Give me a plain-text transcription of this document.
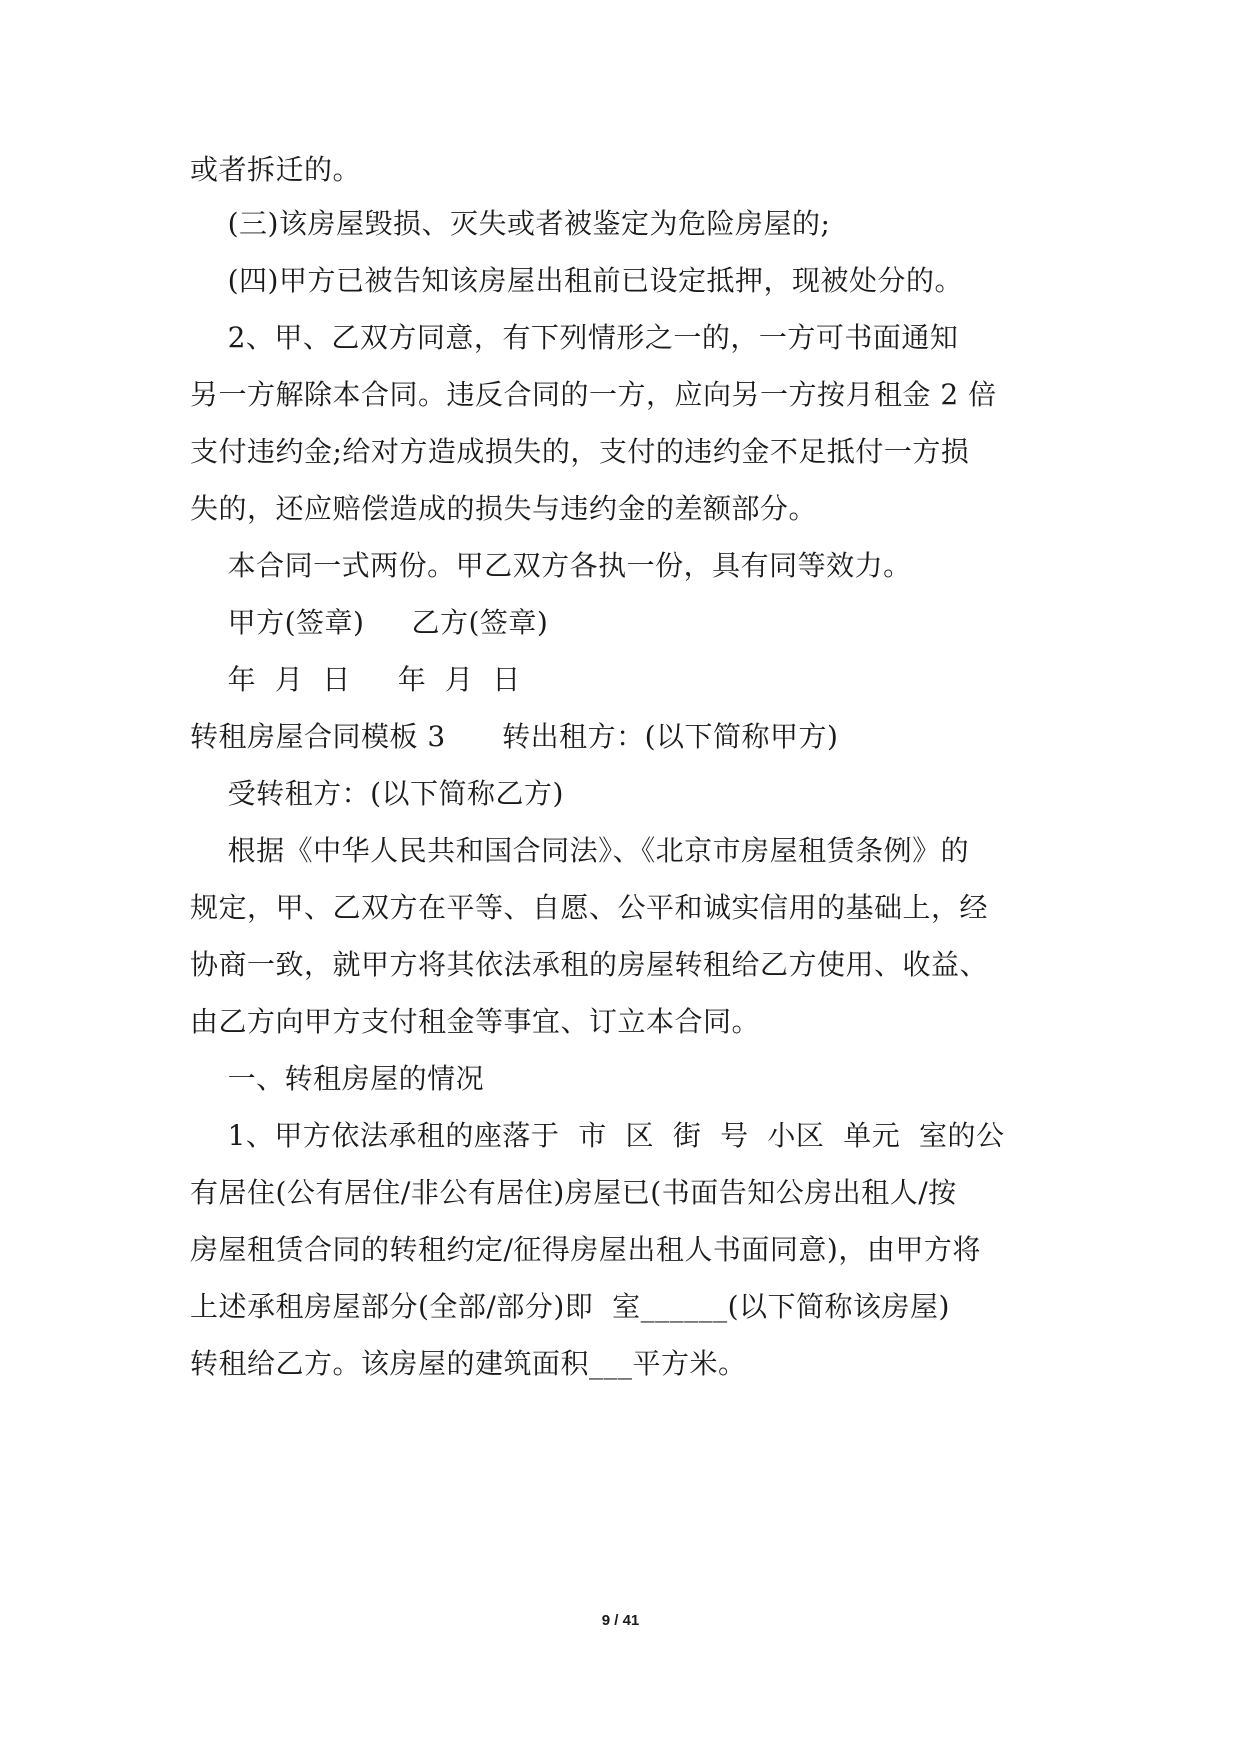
或者拆迁的。
(三)该房屋毁损、灭失或者被鉴定为危险房屋的;
(四)甲方已被告知该房屋出租前已设定抵押，现被处分的。
2、甲、乙双方同意，有下列情形之一的，一方可书面通知
另一方解除本合同。违反合同的一方，应向另一方按月租金 2 倍
支付违约金;给对方造成损失的，支付的违约金不足抵付一方损
失的，还应赔偿造成的损失与违约金的差额部分。
本合同一式两份。甲乙双方各执一份，具有同等效力。
甲方(签章)     乙方(签章)
年  月  日     年  月  日
转租房屋合同模板 3      转出租方：(以下简称甲方)
受转租方：(以下简称乙方)
根据《中华人民共和国合同法》、《北京市房屋租赁条例》的
规定，甲、乙双方在平等、自愿、公平和诚实信用的基础上，经
协商一致，就甲方将其依法承租的房屋转租给乙方使用、收益、
由乙方向甲方支付租金等事宜、订立本合同。
一、转租房屋的情况
1、甲方依法承租的座落于  市  区  街  号  小区  单元  室的公
有居住(公有居住/非公有居住)房屋已(书面告知公房出租人/按
房屋租赁合同的转租约定/征得房屋出租人书面同意)，由甲方将
上述承租房屋部分(全部/部分)即  室______(以下简称该房屋)
转租给乙方。该房屋的建筑面积___平方米。
9 / 41
